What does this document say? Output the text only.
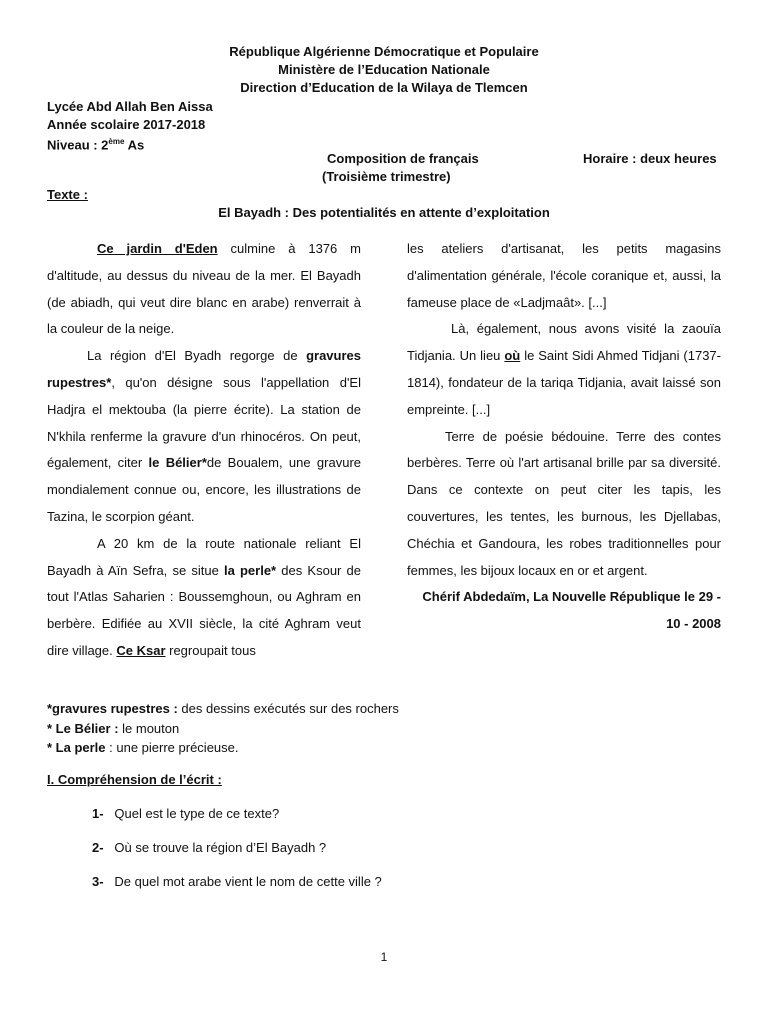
République Algérienne Démocratique et Populaire
Ministère de l’Education Nationale
Direction d’Education de la Wilaya de Tlemcen
Lycée Abd Allah Ben Aissa
Année scolaire 2017-2018
Niveau : 2ème As
Composition de français
(Troisième trimestre)
Horaire : deux heures
Texte :
El Bayadh : Des potentialités en attente d’exploitation

Ce jardin d'Eden culmine à 1376 m d'altitude, au dessus du niveau de la mer. El Bayadh (de abiadh, qui veut dire blanc en arabe) renverrait à la couleur de la neige.

La région d'El Byadh regorge de gravures rupestres*, qu'on désigne sous l'appellation d'El Hadjra el mektouba (la pierre écrite). La station de N'khila renferme la gravure d'un rhinocéros. On peut, également, citer le Bélier*de Boualem, une gravure mondialement connue ou, encore, les illustrations de Tazina, le scorpion géant.

A 20 km de la route nationale reliant El Bayadh à Aïn Sefra, se situe la perle* des Ksour de tout l'Atlas Saharien : Boussemghoun, ou Aghram en berbère. Edifiée au XVII siècle, la cité Aghram veut dire village. Ce Ksar regroupait tous

les ateliers d'artisanat, les petits magasins d'alimentation générale, l'école coranique et, aussi, la fameuse place de «Ladjmaât». [...]

Là, également, nous avons visité la zaouïa Tidjania. Un lieu où le Saint Sidi Ahmed Tidjani (1737-1814), fondateur de la tariqa Tidjania, avait laissé son empreinte. [...]

Terre de poésie bédouine. Terre des contes berbères. Terre où l'art artisanal brille par sa diversité. Dans ce contexte on peut citer les tapis, les couvertures, les tentes, les burnous, les Djellabas, Chéchia et Gandoura, les robes traditionnelles pour femmes, les bijoux locaux en or et argent.

Chérif Abdedaïm, La Nouvelle République le 29 - 10 - 2008

*gravures rupestres : des dessins exécutés sur des rochers
* Le Bélier : le mouton
* La perle : une pierre précieuse.
I. Compréhension de l’écrit :
1- Quel est le type de ce texte?
2- Où se trouve la région d’El Bayadh ?
3- De quel mot arabe vient le nom de cette ville ?
1
